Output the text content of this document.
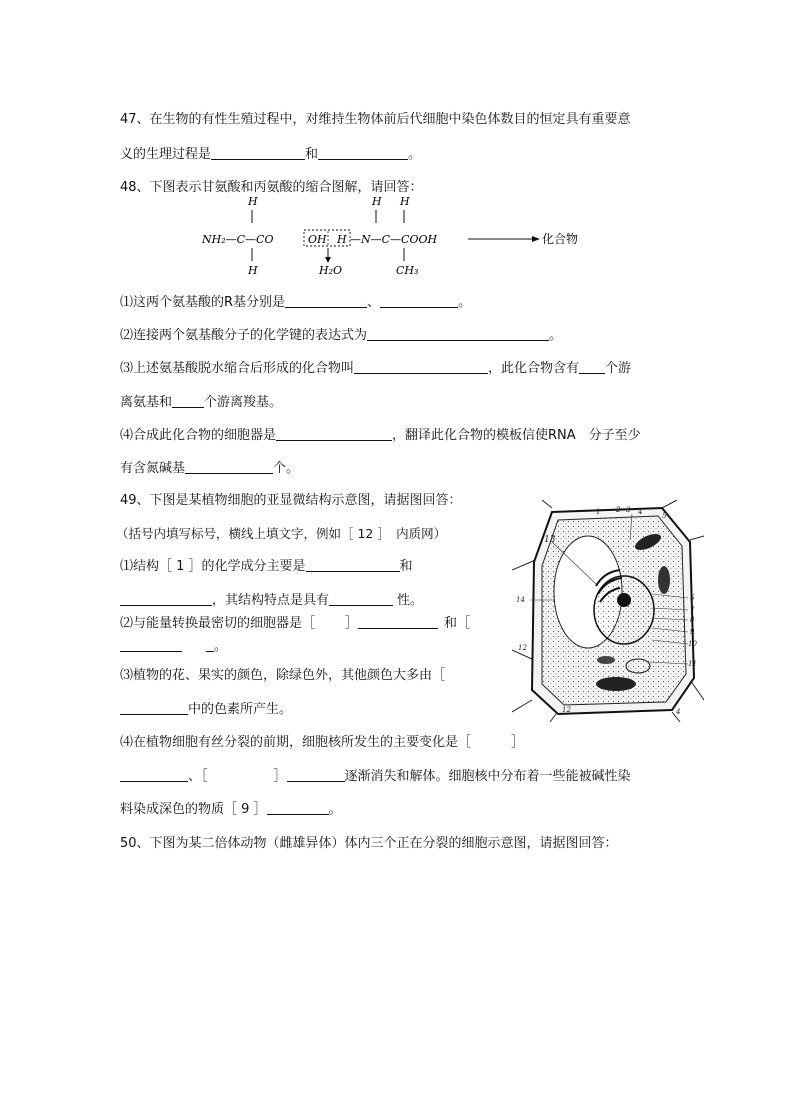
47、在生物的有性生殖过程中，对维持生物体前后代细胞中染色体数目的恒定具有重要意
义的生理过程是	和	。
48、下图表示甘氨酸和丙氨酸的缩合图解，请回答：
H	H H
NH₂—C—CO	OH H —N—C—COOH	化合物
H	H₂O	CH₃
⑴这两个氨基酸的R基分别是	、	。
⑵连接两个氨基酸分子的化学键的表达式为	。
⑶上述氨基酸脱水缩合后形成的化合物叫	，此化合物含有 个游
离氨基和 个游离羧基。
⑷合成此化合物的细胞器是	，翻译此化合物的模板信使RNA　分子至少
有含氮碱基	个。
49、下图是某植物细胞的亚显微结构示意图，请据图回答：
（括号内填写标号，横线上填文字，例如［ 12 ］　内质网）
⑴结构［ 1 ］的化学成分主要是	和
，其结构特点是具有	性。
⑵与能量转换最密切的细胞器是［ ］	和［
。
⑶植物的花、果实的颜色，除绿色外，其他颜色大多由［
中的色素所产生。
⑷在植物细胞有丝分裂的前期，细胞核所发生的主要变化是［	］
、［	］	逐渐消失和解体。细胞核中分布着一些能被碱性染
料染成深色的物质［ 9 ］	。
1 2 3 4	5
6
7
8
9
10
11
12
13
14
12	4
50、下图为某二倍体动物（雌雄异体）体内三个正在分裂的细胞示意图，请据图回答：
